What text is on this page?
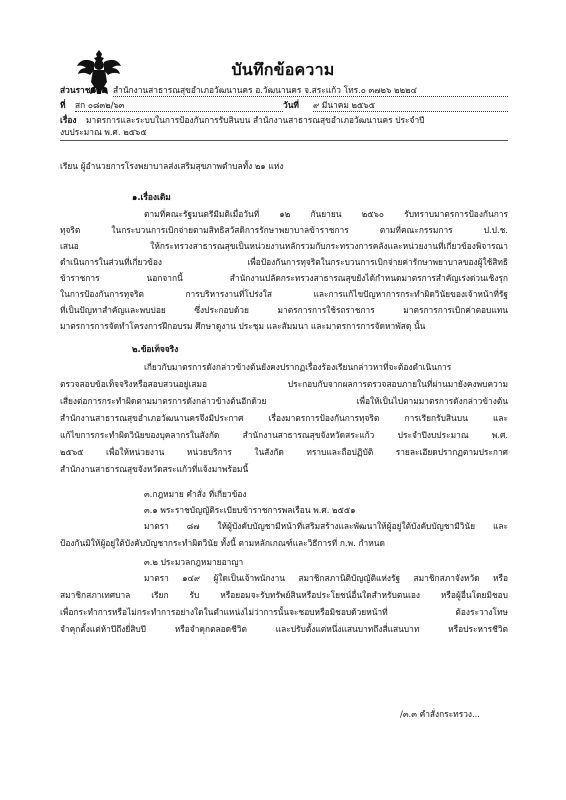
บันทึกข้อความ
ส่วนราชการ สำนักงานสาธารณสุขอำเภอวัฒนานคร อ.วัฒนานคร จ.สระแก้ว โทร.๐ ๓๗๒๖ ๒๒๒๔
ที่ สก ๐๘๓๒/๖๓	วันที่ ๙ มีนาคม ๒๕๖๕
เรื่อง มาตรการและระบบในการป้องกันการรับสินบน สำนักงานสาธารณสุขอำเภอวัฒนานคร ประจำปี
งบประมาณ พ.ศ. ๒๕๖๕
เรียน ผู้อำนวยการโรงพยาบาลส่งเสริมสุขภาพตำบลทั้ง ๒๑ แห่ง
๑.เรื่องเดิม
ตามที่คณะรัฐมนตรีมีมติเมื่อวันที่ ๑๒ กันยายน ๒๕๖๐ รับทราบมาตรการป้องกันการ
ทุจริต ในกระบวนการเบิกจ่ายตามสิทธิสวัสดิการรักษาพยาบาลข้าราชการ ตามที่คณะกรรมการ ป.ป.ช.
เสนอ ให้กระทรวงสาธารณสุขเป็นหน่วยงานหลักรวมกับกระทรวงการคลังและหน่วยงานที่เกี่ยวข้องพิจารณา
ดำเนินการในส่วนที่เกี่ยวข้อง เพื่อป้องกันการทุจริตในกระบวนการเบิกจ่ายค่ารักษาพยาบาลของผู้ใช้สิทธิ
ข้าราชการ นอกจากนี้ สำนักงานปลัดกระทรวงสาธารณสุขยังได้กำหนดมาตรการสำคัญเร่งด่วนเชิงรุก
ในการป้องกันการทุจริต การบริหารงานที่โปร่งใส และการแก้ไขปัญหาการกระทำผิดวินัยของเจ้าหน้าที่รัฐ
ที่เป็นปัญหาสำคัญและพบบ่อย ซึ่งประกอบด้วย มาตรการการใช้รถราชการ มาตรการการเบิกค่าตอบแทน
มาตรการการจัดทำโครงการฝึกอบรม ศึกษาดูงาน ประชุม และสัมมนา และมาตรการการจัดหาพัสดุ นั้น
๒.ข้อเท็จจริง
เกี่ยวกับมาตรการดังกล่าวข้างต้นยังคงปรากฏเรื่องร้องเรียนกล่าวหาที่จะต้องดำเนินการ
ตรวจสอบข้อเท็จจริงหรือสอบสวนอยู่เสมอ ประกอบกับจากผลการตรวจสอบภายในที่ผ่านมายังคงพบความ
เสี่ยงต่อการกระทำผิดตามมาตรการดังกล่าวข้างต้นอีกด้วย เพื่อให้เป็นไปตามมาตรการดังกล่าวข้างต้น
สำนักงานสาธารณสุขอำเภอวัฒนานครจึงมีประกาศ เรื่องมาตรการป้องกันการทุจริต การเรียกรับสินบน และ
แก้ไขการกระทำผิดวินัยของบุคลากรในสังกัด สำนักงานสาธารณสุขจังหวัดสระแก้ว ประจำปีงบประมาณ พ.ศ.
๒๕๖๕ เพื่อให้หน่วยงาน หน่วยบริการ ในสังกัด ทราบและถือปฏิบัติ รายละเอียดปรากฏตามประกาศ
สำนักงานสาธารณสุขจังหวัดสระแก้วที่แจ้งมาพร้อมนี้
๓.กฎหมาย คำสั่ง ที่เกี่ยวข้อง
๓.๑ พระราชบัญญัติระเบียบข้าราชการพลเรือน พ.ศ. ๒๕๕๑
มาตรา ๘๗ ให้ผู้บังคับบัญชามีหน้าที่เสริมสร้างและพัฒนาให้ผู้อยู่ใต้บังคับบัญชามีวินัย และ
ป้องกันมิให้ผู้อยู่ใต้บังคับบัญชากระทำผิดวินัย ทั้งนี้ ตามหลักเกณฑ์และวิธีการที่ ก.พ. กำหนด
๓.๒ ประมวลกฎหมายอาญา
มาตรา ๑๔๙ ผู้ใดเป็นเจ้าพนักงาน สมาชิกสภานิติบัญญัติแห่งรัฐ สมาชิกสภาจังหวัด หรือ
สมาชิกสภาเทศบาล เรียก รับ หรือยอมจะรับทรัพย์สินหรือประโยชน์อื่นใดสำหรับตนเอง หรือผู้อื่นโดยมิชอบ
เพื่อกระทำการหรือไม่กระทำการอย่างใดในตำแหน่งไม่ว่าการนั้นจะชอบหรือมิชอบด้วยหน้าที่ ต้องระวางโทษ
จำคุกตั้งแต่ห้าปีถึงยี่สิบปี หรือจำคุกตลอดชีวิต และปรับตั้งแต่หนึ่งแสนบาทถึงสี่แสนบาท หรือประหารชีวิต
/๓.๓ คำสั่งกระทรวง...
